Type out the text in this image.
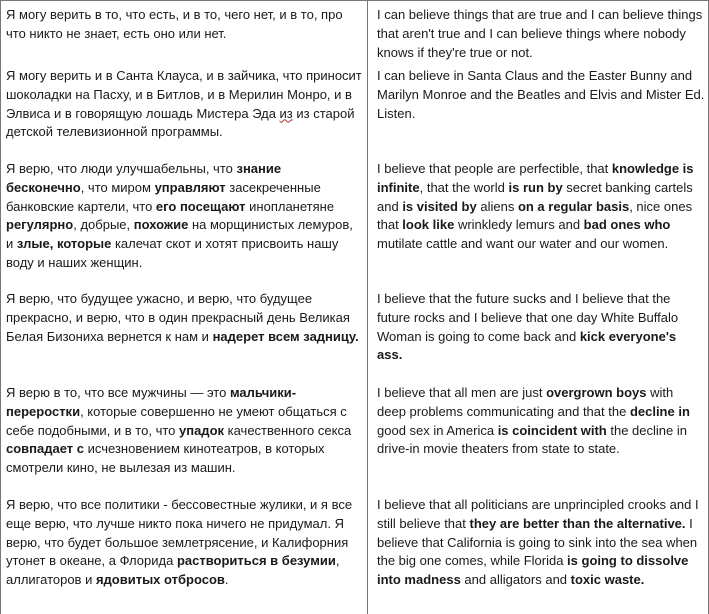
Я могу верить в то, что есть, и в то, чего нет, и в то, про что никто не знает, есть оно или нет.

Я могу верить и в Санта Клауса, и в зайчика, что приносит шоколадки на Пасху, и в Битлов, и в Мерилин Монро, и в Элвиса и в говорящую лошадь Мистера Эда из из старой детской телевизионной программы.

Я верю, что люди улучшабельны, что знание бесконечно, что миром управляют засекреченные банковские картели, что его посещают инопланетяне регулярно, добрые, похожие на морщинистых лемуров, и злые, которые калечат скот и хотят присвоить нашу воду и наших женщин.

Я верю, что будущее ужасно, и верю, что будущее прекрасно, и верю, что в один прекрасный день Великая Белая Бизониха вернется к нам и надерет всем задницу.

Я верю в то, что все мужчины — это мальчики-переростки, которые совершенно не умеют общаться с себе подобными, и в то, что упадок качественного секса совпадает с исчезновением кинотеатров, в которых смотрели кино, не вылезая из машин.

Я верю, что все политики - бессовестные жулики, и я все еще верю, что лучше никто пока ничего не придумал. Я верю, что будет большое землетрясение, и Калифорния утонет в океане, а Флорида раствориться в безумии, аллигаторов и ядовитых отбросов.

I can believe things that are true and I can believe things that aren't true and I can believe things where nobody knows if they're true or not.

I can believe in Santa Claus and the Easter Bunny and Marilyn Monroe and the Beatles and Elvis and Mister Ed. Listen.

I believe that people are perfectible, that knowledge is infinite, that the world is run by secret banking cartels and is visited by aliens on a regular basis, nice ones that look like wrinkledy lemurs and bad ones who mutilate cattle and want our water and our women.

I believe that the future sucks and I believe that the future rocks and I believe that one day White Buffalo Woman is going to come back and kick everyone's ass.

I believe that all men are just overgrown boys with deep problems communicating and that the decline in good sex in America is coincident with the decline in drive-in movie theaters from state to state.

I believe that all politicians are unprincipled crooks and I still believe that they are better than the alternative. I believe that California is going to sink into the sea when the big one comes, while Florida is going to dissolve into madness and alligators and toxic waste.
